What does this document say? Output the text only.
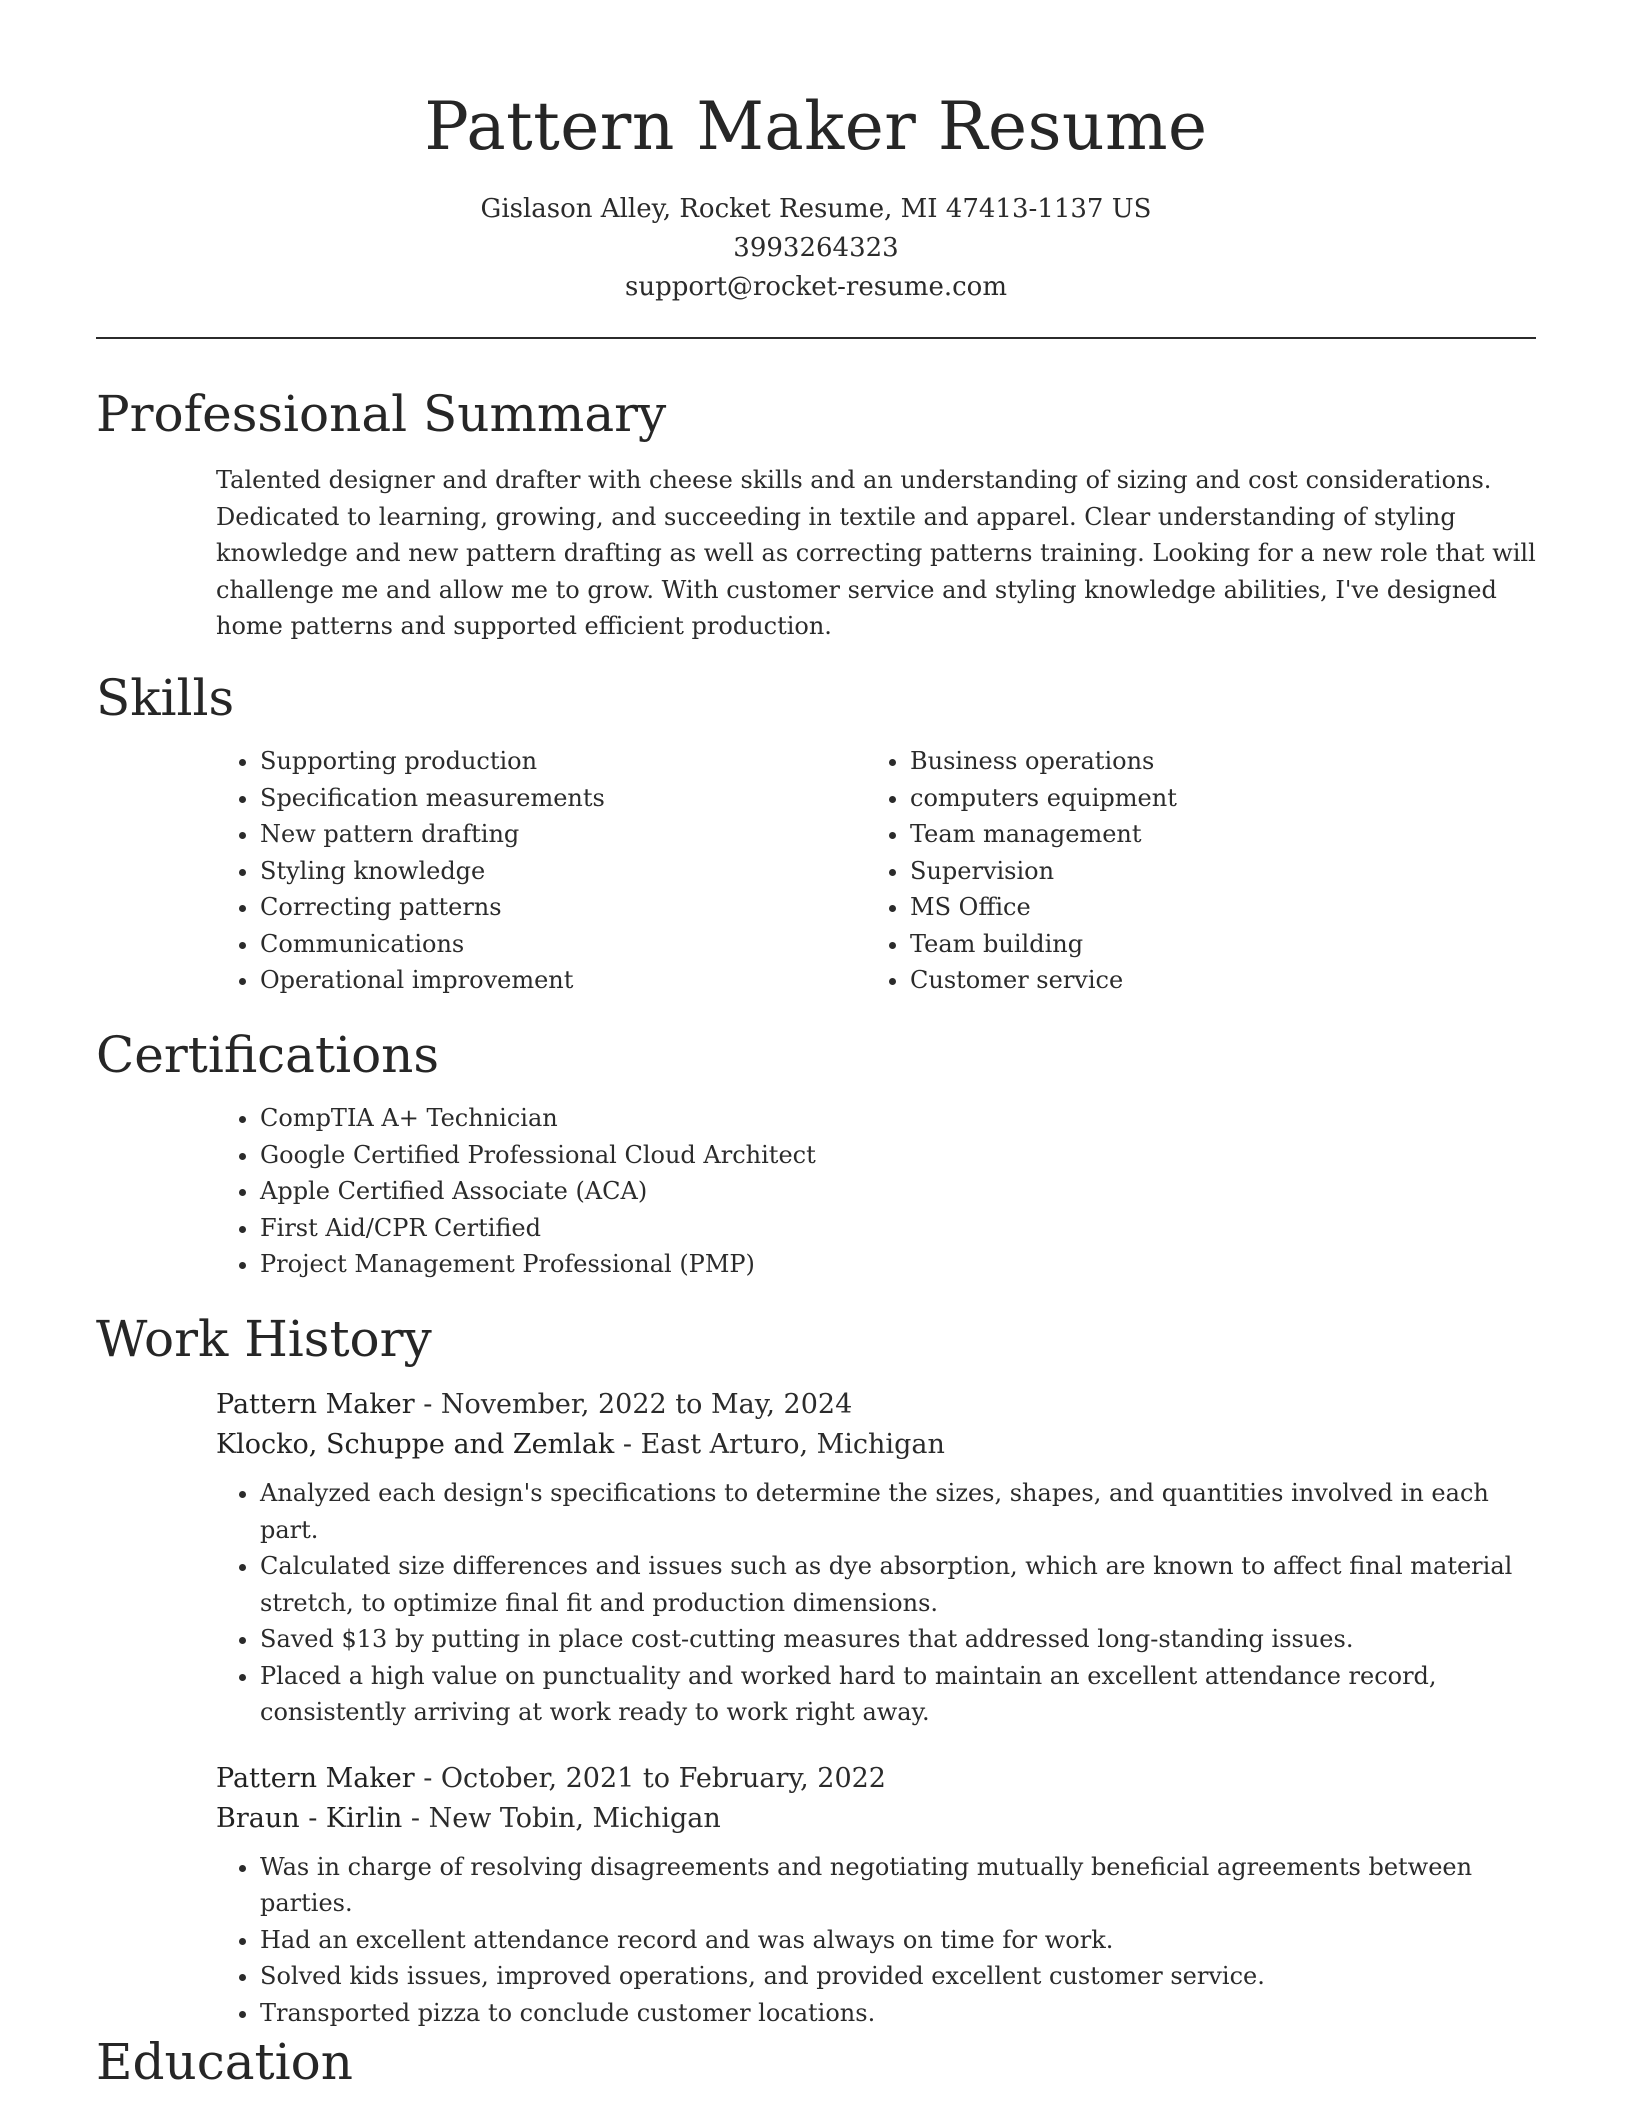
Pattern Maker Resume
Gislason Alley, Rocket Resume, MI 47413-1137 US
3993264323
support@rocket-resume.com
Professional Summary
Talented designer and drafter with cheese skills and an understanding of sizing and cost considerations. Dedicated to learning, growing, and succeeding in textile and apparel. Clear understanding of styling knowledge and new pattern drafting as well as correcting patterns training. Looking for a new role that will challenge me and allow me to grow. With customer service and styling knowledge abilities, I've designed home patterns and supported efficient production.
Skills
• Supporting production
• Specification measurements
• New pattern drafting
• Styling knowledge
• Correcting patterns
• Communications
• Operational improvement
• Business operations
• computers equipment
• Team management
• Supervision
• MS Office
• Team building
• Customer service
Certifications
• CompTIA A+ Technician
• Google Certified Professional Cloud Architect
• Apple Certified Associate (ACA)
• First Aid/CPR Certified
• Project Management Professional (PMP)
Work History
Pattern Maker - November, 2022 to May, 2024
Klocko, Schuppe and Zemlak - East Arturo, Michigan
• Analyzed each design's specifications to determine the sizes, shapes, and quantities involved in each part.
• Calculated size differences and issues such as dye absorption, which are known to affect final material stretch, to optimize final fit and production dimensions.
• Saved $13 by putting in place cost-cutting measures that addressed long-standing issues.
• Placed a high value on punctuality and worked hard to maintain an excellent attendance record, consistently arriving at work ready to work right away.
Pattern Maker - October, 2021 to February, 2022
Braun - Kirlin - New Tobin, Michigan
• Was in charge of resolving disagreements and negotiating mutually beneficial agreements between parties.
• Had an excellent attendance record and was always on time for work.
• Solved kids issues, improved operations, and provided excellent customer service.
• Transported pizza to conclude customer locations.
Education
